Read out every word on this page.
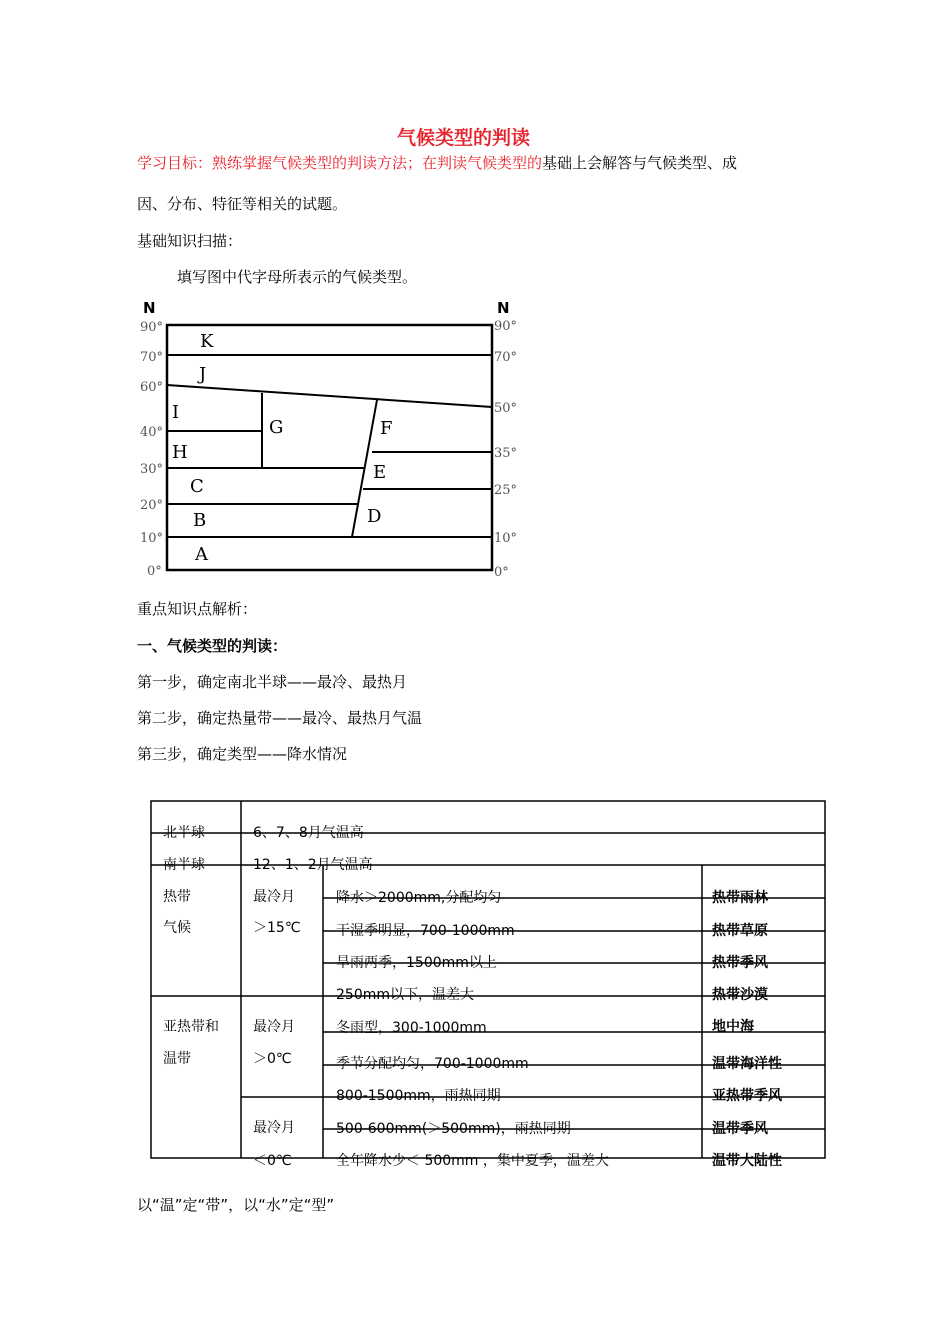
气候类型的判读
学习目标：熟练掌握气候类型的判读方法；在判读气候类型的基础上会解答与气候类型、成
因、分布、特征等相关的试题。
基础知识扫描：
填写图中代字母所表示的气候类型。
N	N
90°
70°
60°
40°
30°
20°
10°
0°
90°
70°
50°
35°
25°
10°
0°
K
J
I
H
G	F
E
C
B	D
A
重点知识点解析：
一、气候类型的判读：
第一步，确定南北半球——最冷、最热月
第二步，确定热量带——最冷、最热月气温
第三步，确定类型——降水情况
北半球	6、7、8月气温高
南半球	12、1、2月气温高
热带
气候
最冷月
＞15℃
降水＞2000mm,分配均匀	热带雨林
干湿季明显，700-1000mm	热带草原
旱雨两季，1500mm以上	热带季风
250mm以下，温差大	热带沙漠
亚热带和
温带
最冷月
＞0℃
冬雨型，300-1000mm	地中海
季节分配均匀，700-1000mm	温带海洋性
800-1500mm，雨热同期	亚热带季风
最冷月
＜0℃
500-600mm(＞500mm)，雨热同期	温带季风
全年降水少＜ 500mm ，集中夏季，温差大	温带大陆性
以“温”定“带”，以“水”定“型”
